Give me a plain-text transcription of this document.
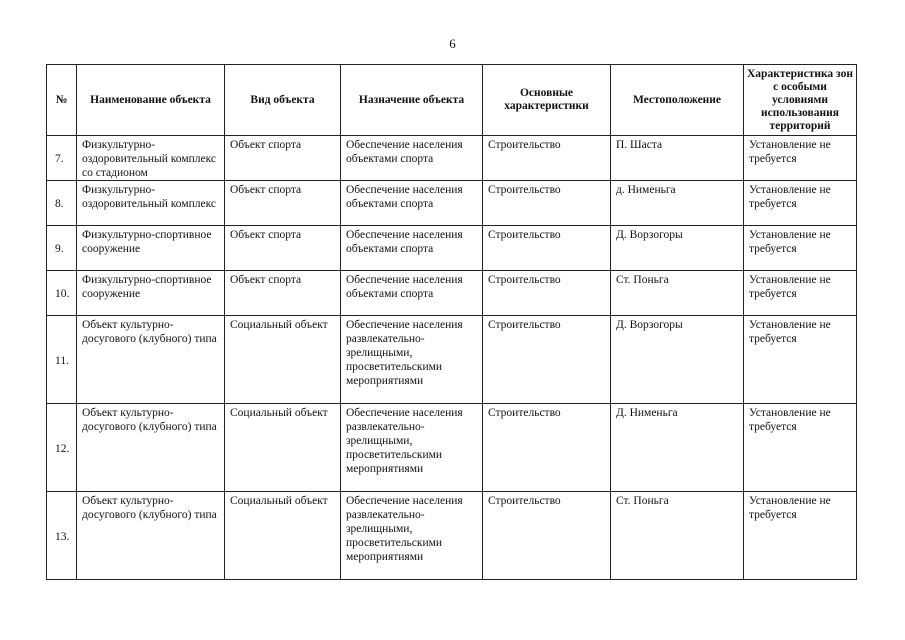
6
№	Наименование объекта	Вид объекта	Назначение объекта	Основные характеристики	Местоположение	Характеристика зон с особыми условиями использования территорий
7.	Физкультурно-оздоровительный комплекс со стадионом	Объект спорта	Обеспечение населения объектами спорта	Строительство	П. Шаста	Установление не требуется
8.	Физкультурно-оздоровительный комплекс	Объект спорта	Обеспечение населения объектами спорта	Строительство	д. Нименьга	Установление не требуется
9.	Физкультурно-спортивное сооружение	Объект спорта	Обеспечение населения объектами спорта	Строительство	Д. Ворзогоры	Установление не требуется
10.	Физкультурно-спортивное сооружение	Объект спорта	Обеспечение населения объектами спорта	Строительство	Ст. Поньга	Установление не требуется
11.	Объект культурно-досугового (клубного) типа	Социальный объект	Обеспечение населения развлекательно-зрелищными, просветительскими мероприятиями	Строительство	Д. Ворзогоры	Установление не требуется
12.	Объект культурно-досугового (клубного) типа	Социальный объект	Обеспечение населения развлекательно-зрелищными, просветительскими мероприятиями	Строительство	Д. Нименьга	Установление не требуется
13.	Объект культурно-досугового (клубного) типа	Социальный объект	Обеспечение населения развлекательно-зрелищными, просветительскими мероприятиями	Строительство	Ст. Поньга	Установление не требуется
